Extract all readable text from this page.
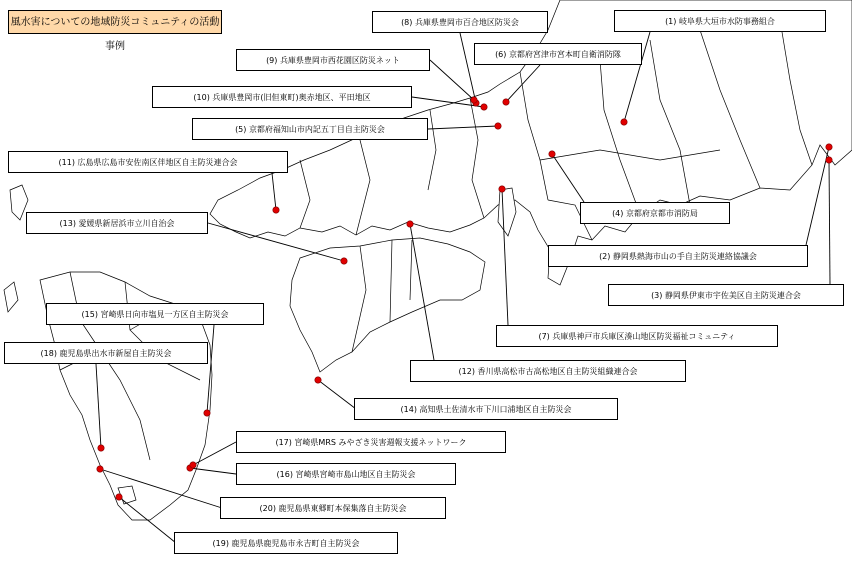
風水害についての地域防災コミュニティの活動事例
(1) 岐阜県大垣市水防事務組合
(2) 静岡県熱海市山の手自主防災連絡協議会
(3) 静岡県伊東市宇佐美区自主防災連合会
(4) 京都府京都市消防局
(5) 京都府福知山市内記五丁目自主防災会
(6) 京都府宮津市宮本町自衛消防隊
(7) 兵庫県神戸市兵庫区湊山地区防災福祉コミュニティ
(8) 兵庫県豊岡市百合地区防災会
(9) 兵庫県豊岡市西花園区防災ネット
(10) 兵庫県豊岡市(旧但東町)奥赤地区、平田地区
(11) 広島県広島市安佐南区伴地区自主防災連合会
(12) 香川県高松市古高松地区自主防災組織連合会
(13) 愛媛県新居浜市立川自治会
(14) 高知県土佐清水市下川口浦地区自主防災会
(15) 宮崎県日向市塩見一方区自主防災会
(16) 宮崎県宮崎市島山地区自主防災会
(17) 宮崎県MRS みやざき災害週報支援ネットワーク
(18) 鹿児島県出水市新屋自主防災会
(19) 鹿児島県鹿児島市永吉町自主防災会
(20) 鹿児島県東郷町本保集落自主防災会
